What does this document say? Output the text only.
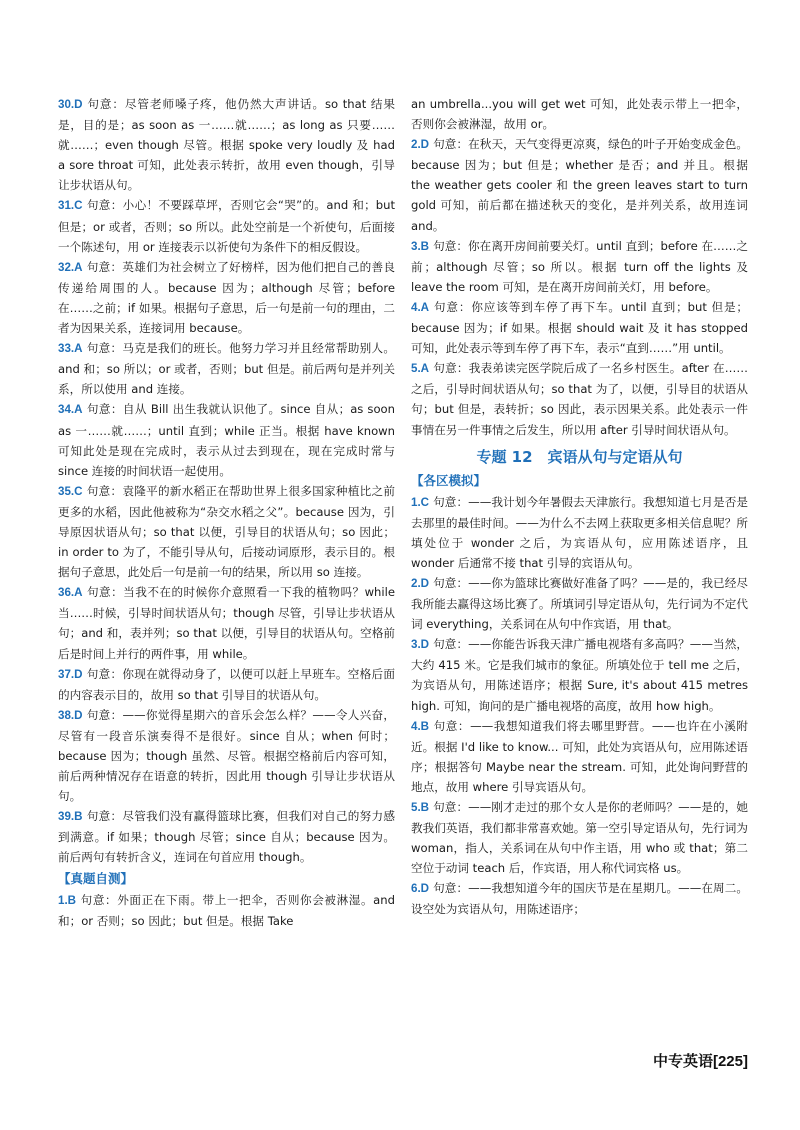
30.D 句意：尽管老师嗓子疼，他仍然大声讲话。so that 结果是，目的是；as soon as 一……就……；as long as 只要……就……；even though 尽管。根据 spoke very loudly 及 had a sore throat 可知，此处表示转折，故用 even though，引导让步状语从句。

31.C 句意：小心！不要踩草坪，否则它会“哭”的。and 和；but 但是；or 或者，否则；so 所以。此处空前是一个祈使句，后面接一个陈述句，用 or 连接表示以祈使句为条件下的相反假设。

32.A 句意：英雄们为社会树立了好榜样，因为他们把自己的善良传递给周围的人。because 因为；although 尽管；before 在……之前；if 如果。根据句子意思，后一句是前一句的理由，二者为因果关系，连接词用 because。

33.A 句意：马克是我们的班长。他努力学习并且经常帮助别人。and 和；so 所以；or 或者，否则；but 但是。前后两句是并列关系，所以使用 and 连接。

34.A 句意：自从 Bill 出生我就认识他了。since 自从；as soon as 一……就……；until 直到；while 正当。根据 have known 可知此处是现在完成时，表示从过去到现在，现在完成时常与 since 连接的时间状语一起使用。

35.C 句意：袁隆平的新水稻正在帮助世界上很多国家种植比之前更多的水稻，因此他被称为“杂交水稻之父”。because 因为，引导原因状语从句；so that 以便，引导目的状语从句；so 因此；in order to 为了，不能引导从句，后接动词原形，表示目的。根据句子意思，此处后一句是前一句的结果，所以用 so 连接。

36.A 句意：当我不在的时候你介意照看一下我的植物吗？while 当……时候，引导时间状语从句；though 尽管，引导让步状语从句；and 和，表并列；so that 以便，引导目的状语从句。空格前后是时间上并行的两件事，用 while。

37.D 句意：你现在就得动身了，以便可以赶上早班车。空格后面的内容表示目的，故用 so that 引导目的状语从句。

38.D 句意：——你觉得星期六的音乐会怎么样？——令人兴奋，尽管有一段音乐演奏得不是很好。since 自从；when 何时；because 因为；though 虽然、尽管。根据空格前后内容可知，前后两种情况存在语意的转折，因此用 though 引导让步状语从句。

39.B 句意：尽管我们没有赢得篮球比赛，但我们对自己的努力感到满意。if 如果；though 尽管；since 自从；because 因为。前后两句有转折含义，连词在句首应用 though。

【真题自测】

1.B 句意：外面正在下雨。带上一把伞，否则你会被淋湿。and 和；or 否则；so 因此；but 但是。根据 Take

an umbrella...you will get wet 可知，此处表示带上一把伞，否则你会被淋湿，故用 or。

2.D 句意：在秋天，天气变得更凉爽，绿色的叶子开始变成金色。because 因为；but 但是；whether 是否；and 并且。根据 the weather gets cooler 和 the green leaves start to turn gold 可知，前后都在描述秋天的变化，是并列关系，故用连词 and。

3.B 句意：你在离开房间前要关灯。until 直到；before 在……之前；although 尽管；so 所以。根据 turn off the lights 及 leave the room 可知，是在离开房间前关灯，用 before。

4.A 句意：你应该等到车停了再下车。until 直到；but 但是；because 因为；if 如果。根据 should wait 及 it has stopped 可知，此处表示等到车停了再下车，表示“直到……”用 until。

5.A 句意：我表弟读完医学院后成了一名乡村医生。after 在……之后，引导时间状语从句；so that 为了，以便，引导目的状语从句；but 但是，表转折；so 因此，表示因果关系。此处表示一件事情在另一件事情之后发生，所以用 after 引导时间状语从句。

专题 12　宾语从句与定语从句
【各区模拟】

1.C 句意：——我计划今年暑假去天津旅行。我想知道七月是否是去那里的最佳时间。——为什么不去网上获取更多相关信息呢？所填处位于 wonder 之后，为宾语从句，应用陈述语序，且 wonder 后通常不接 that 引导的宾语从句。

2.D 句意：——你为篮球比赛做好准备了吗？——是的，我已经尽我所能去赢得这场比赛了。所填词引导定语从句，先行词为不定代词 everything，关系词在从句中作宾语，用 that。

3.D 句意：——你能告诉我天津广播电视塔有多高吗？——当然，大约 415 米。它是我们城市的象征。所填处位于 tell me 之后，为宾语从句，用陈述语序；根据 Sure, it's about 415 metres high. 可知，询问的是广播电视塔的高度，故用 how high。

4.B 句意：——我想知道我们将去哪里野营。——也许在小溪附近。根据 I'd like to know... 可知，此处为宾语从句，应用陈述语序；根据答句 Maybe near the stream. 可知，此处询问野营的地点，故用 where 引导宾语从句。

5.B 句意：——刚才走过的那个女人是你的老师吗？——是的，她教我们英语，我们都非常喜欢她。第一空引导定语从句，先行词为 woman，指人，关系词在从句中作主语，用 who 或 that；第二空位于动词 teach 后，作宾语，用人称代词宾格 us。

6.D 句意：——我想知道今年的国庆节是在星期几。——在周二。设空处为宾语从句，用陈述语序；

中专英语[225]
